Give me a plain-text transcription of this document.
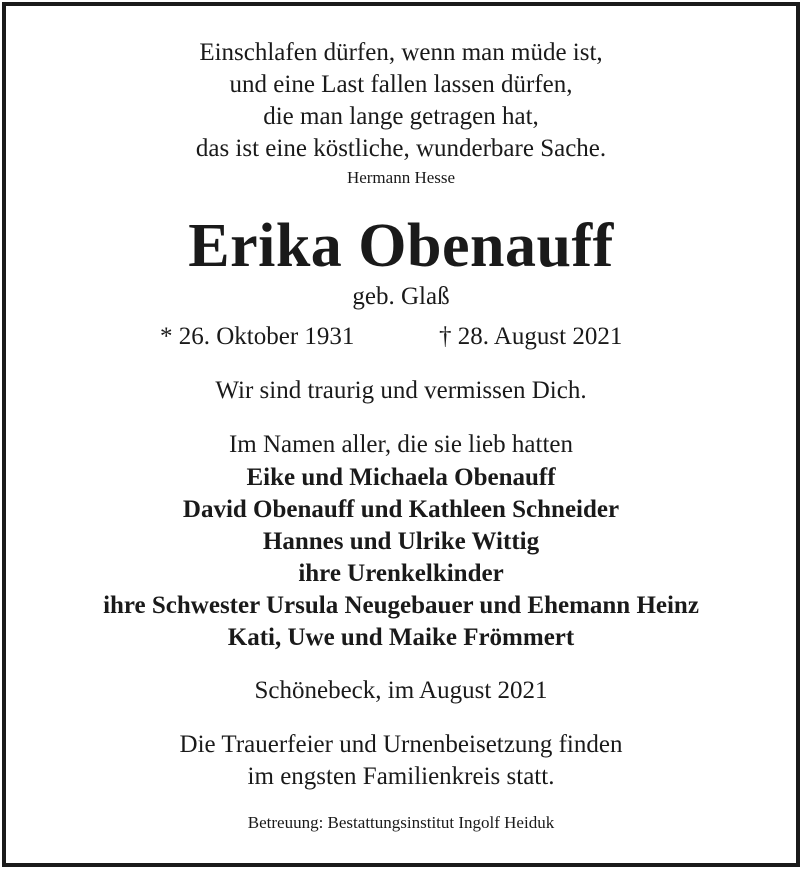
Einschlafen dürfen, wenn man müde ist,
und eine Last fallen lassen dürfen,
die man lange getragen hat,
das ist eine köstliche, wunderbare Sache.
Hermann Hesse
Erika Obenauff
geb. Glaß
* 26. Oktober 1931	† 28. August 2021
Wir sind traurig und vermissen Dich.
Im Namen aller, die sie lieb hatten
Eike und Michaela Obenauff
David Obenauff und Kathleen Schneider
Hannes und Ulrike Wittig
ihre Urenkelkinder
ihre Schwester Ursula Neugebauer und Ehemann Heinz
Kati, Uwe und Maike Frömmert
Schönebeck, im August 2021
Die Trauerfeier und Urnenbeisetzung finden
im engsten Familienkreis statt.
Betreuung: Bestattungsinstitut Ingolf Heiduk
